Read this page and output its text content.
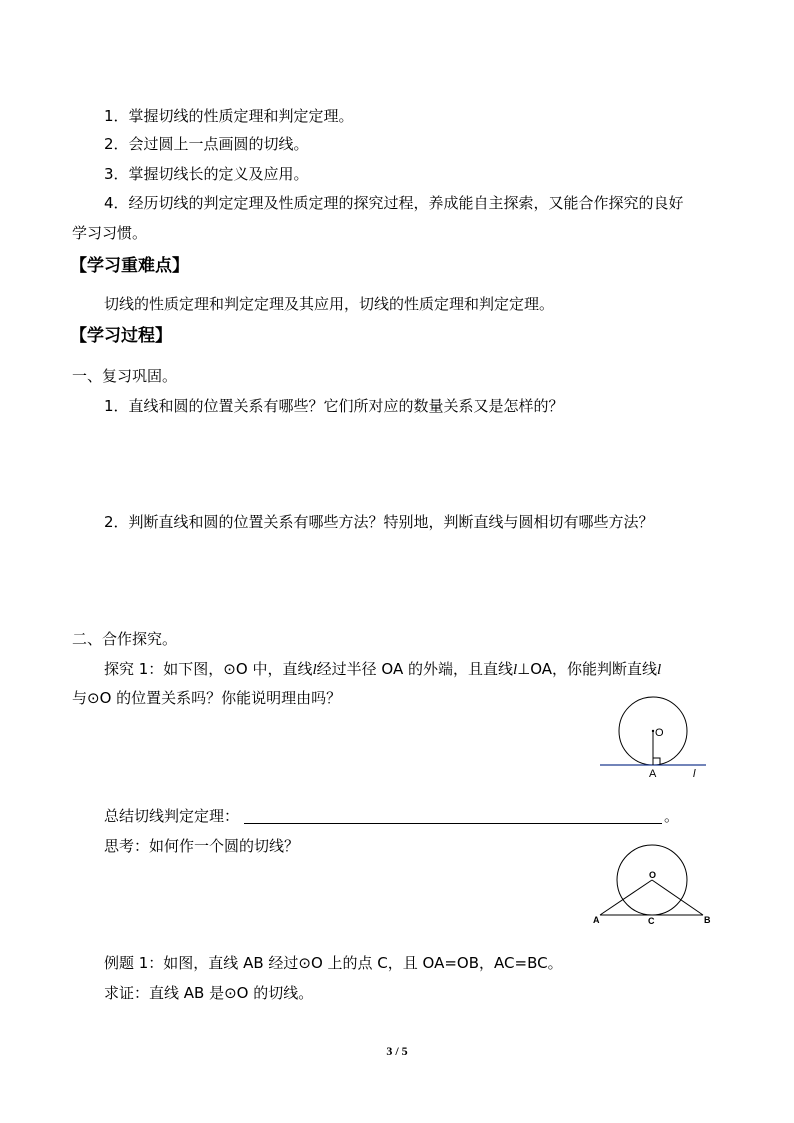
1．掌握切线的性质定理和判定定理。
2．会过圆上一点画圆的切线。
3．掌握切线长的定义及应用。
4．经历切线的判定定理及性质定理的探究过程，养成能自主探索，又能合作探究的良好
学习习惯。
【学习重难点】
切线的性质定理和判定定理及其应用，切线的性质定理和判定定理。
【学习过程】
一、复习巩固。
1．直线和圆的位置关系有哪些？它们所对应的数量关系又是怎样的？
2．判断直线和圆的位置关系有哪些方法？特别地，判断直线与圆相切有哪些方法？
二、合作探究。
探究 1：如下图，⊙O 中，直线l经过半径 OA 的外端，且直线l⊥OA，你能判断直线l
与⊙O 的位置关系吗？你能说明理由吗？
O
A	l
总结切线判定定理：	。
思考：如何作一个圆的切线？
O
A	B
C
例题 1：如图，直线 AB 经过⊙O 上的点 C，且 OA=OB，AC=BC。
求证：直线 AB 是⊙O 的切线。
3 / 5
